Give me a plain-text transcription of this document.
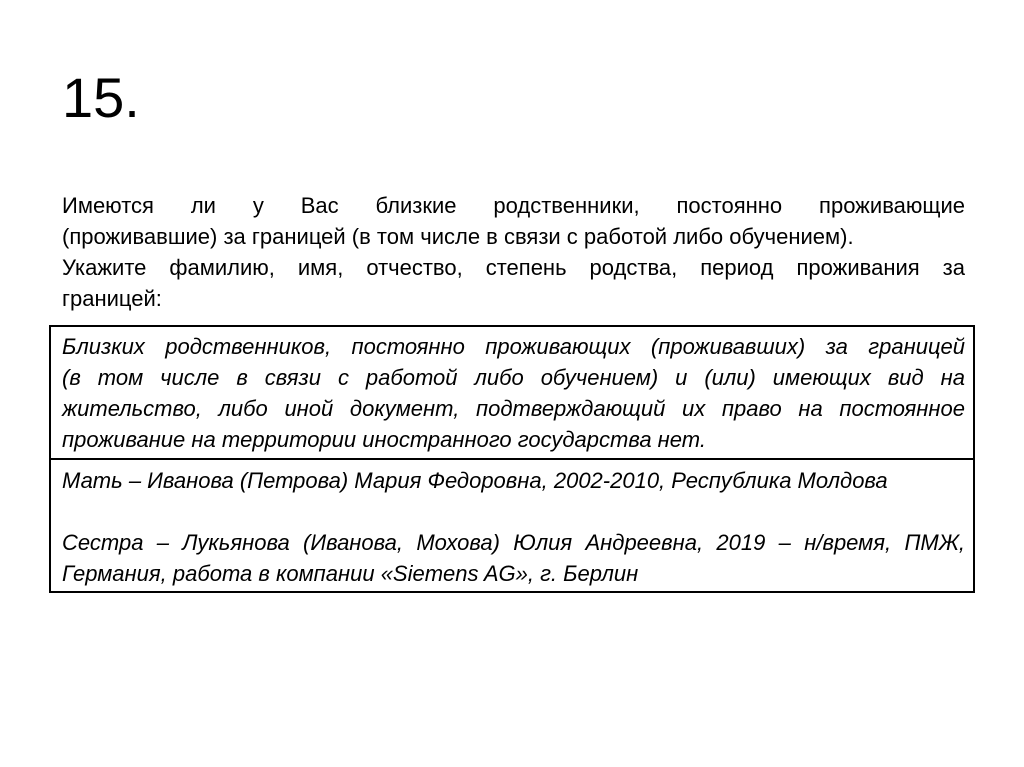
15.
Имеются ли у Вас близкие родственники, постоянно проживающие
(проживавшие) за границей (в том числе в связи с работой либо обучением).
Укажите фамилию, имя, отчество, степень родства, период проживания за
границей:
Близких родственников, постоянно проживающих (проживавших) за границей
(в том числе в связи с работой либо обучением) и (или) имеющих вид на
жительство, либо иной документ, подтверждающий их право на постоянное
проживание на территории иностранного государства нет.
Мать – Иванова (Петрова) Мария Федоровна, 2002-2010, Республика Молдова
Сестра – Лукьянова (Иванова, Мохова) Юлия Андреевна, 2019 – н/время, ПМЖ,
Германия, работа в компании «Siemens AG», г. Берлин
